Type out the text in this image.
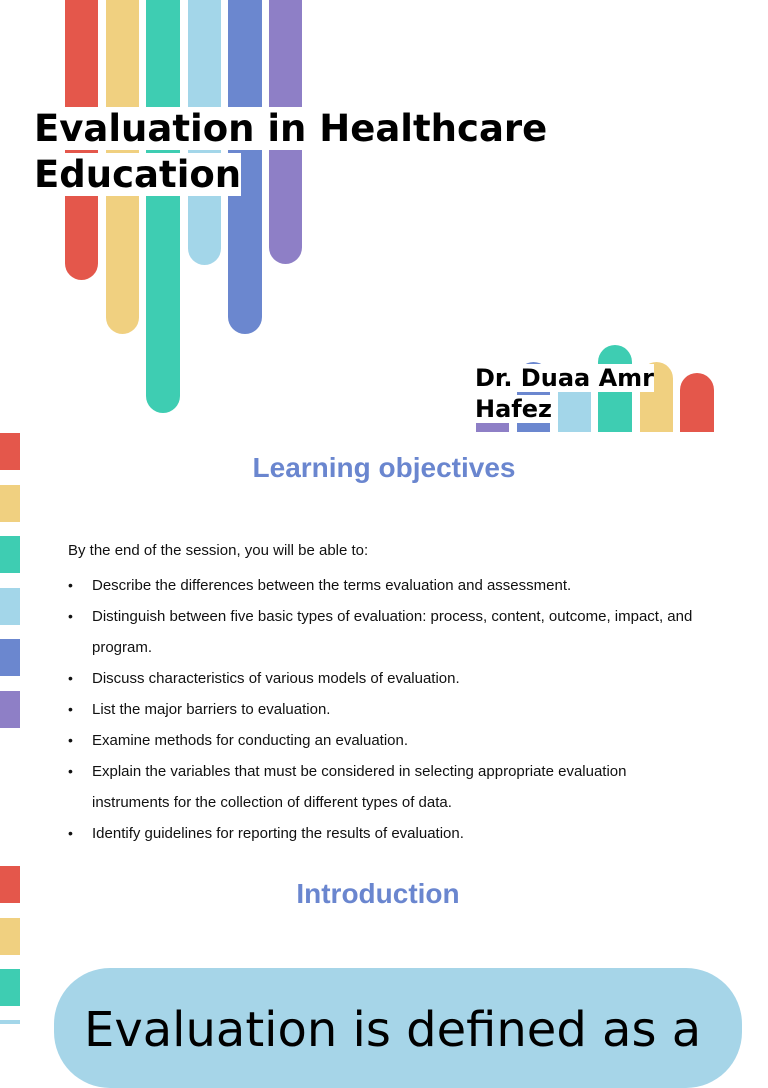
Evaluation in Healthcare
Education
Dr. Duaa Amr
Hafez
Learning objectives
By the end of the session, you will be able to:
• Describe the differences between the terms evaluation and assessment.
• Distinguish between five basic types of evaluation: process, content, outcome, impact, and program.
• Discuss characteristics of various models of evaluation.
• List the major barriers to evaluation.
• Examine methods for conducting an evaluation.
• Explain the variables that must be considered in selecting appropriate evaluation instruments for the collection of different types of data.
• Identify guidelines for reporting the results of evaluation.
Introduction
Evaluation is defined as a
